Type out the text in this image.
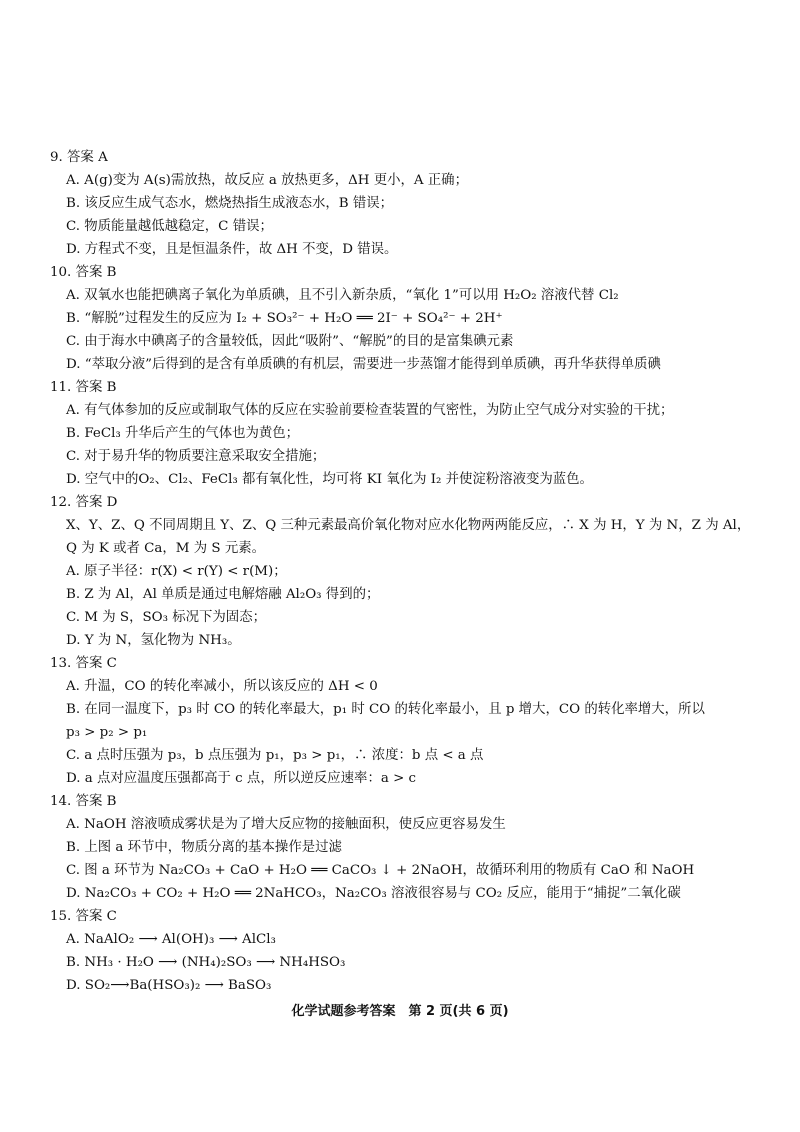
9. 答案 A
A. A(g)变为 A(s)需放热，故反应 a 放热更多，ΔH 更小，A 正确；
B. 该反应生成气态水，燃烧热指生成液态水，B 错误；
C. 物质能量越低越稳定，C 错误；
D. 方程式不变，且是恒温条件，故 ΔH 不变，D 错误。
10. 答案 B
A. 双氧水也能把碘离子氧化为单质碘，且不引入新杂质，“氧化 1”可以用 H₂O₂ 溶液代替 Cl₂
B. “解脱”过程发生的反应为 I₂ + SO₃²⁻ + H₂O ══ 2I⁻ + SO₄²⁻ + 2H⁺
C. 由于海水中碘离子的含量较低，因此“吸附”、“解脱”的目的是富集碘元素
D. “萃取分液”后得到的是含有单质碘的有机层，需要进一步蒸馏才能得到单质碘，再升华获得单质碘
11. 答案 B
A. 有气体参加的反应或制取气体的反应在实验前要检查装置的气密性，为防止空气成分对实验的干扰；
B. FeCl₃ 升华后产生的气体也为黄色；
C. 对于易升华的物质要注意采取安全措施；
D. 空气中的O₂、Cl₂、FeCl₃ 都有氧化性，均可将 KI 氧化为 I₂ 并使淀粉溶液变为蓝色。
12. 答案 D
X、Y、Z、Q 不同周期且 Y、Z、Q 三种元素最高价氧化物对应水化物两两能反应，∴ X 为 H，Y 为 N，Z 为 Al，
Q 为 K 或者 Ca，M 为 S 元素。
A. 原子半径：r(X) < r(Y) < r(M)；
B. Z 为 Al，Al 单质是通过电解熔融 Al₂O₃ 得到的；
C. M 为 S，SO₃ 标况下为固态；
D. Y 为 N，氢化物为 NH₃。
13. 答案 C
A. 升温，CO 的转化率减小，所以该反应的 ΔH < 0
B. 在同一温度下，p₃ 时 CO 的转化率最大，p₁ 时 CO 的转化率最小，且 p 增大，CO 的转化率增大，所以
p₃ > p₂ > p₁
C. a 点时压强为 p₃，b 点压强为 p₁，p₃ > p₁，∴ 浓度：b 点 < a 点
D. a 点对应温度压强都高于 c 点，所以逆反应速率：a > c
14. 答案 B
A. NaOH 溶液喷成雾状是为了增大反应物的接触面积，使反应更容易发生
B. 上图 a 环节中，物质分离的基本操作是过滤
C. 图 a 环节为 Na₂CO₃ + CaO + H₂O ══ CaCO₃ ↓ + 2NaOH，故循环利用的物质有 CaO 和 NaOH
D. Na₂CO₃ + CO₂ + H₂O ══ 2NaHCO₃，Na₂CO₃ 溶液很容易与 CO₂ 反应，能用于“捕捉”二氧化碳
15. 答案 C
A. NaAlO₂ ⟶ Al(OH)₃ ⟶ AlCl₃
B. NH₃ · H₂O ⟶ (NH₄)₂SO₃ ⟶ NH₄HSO₃
D. SO₂⟶Ba(HSO₃)₂ ⟶ BaSO₃
化学试题参考答案　第 2 页(共 6 页)
